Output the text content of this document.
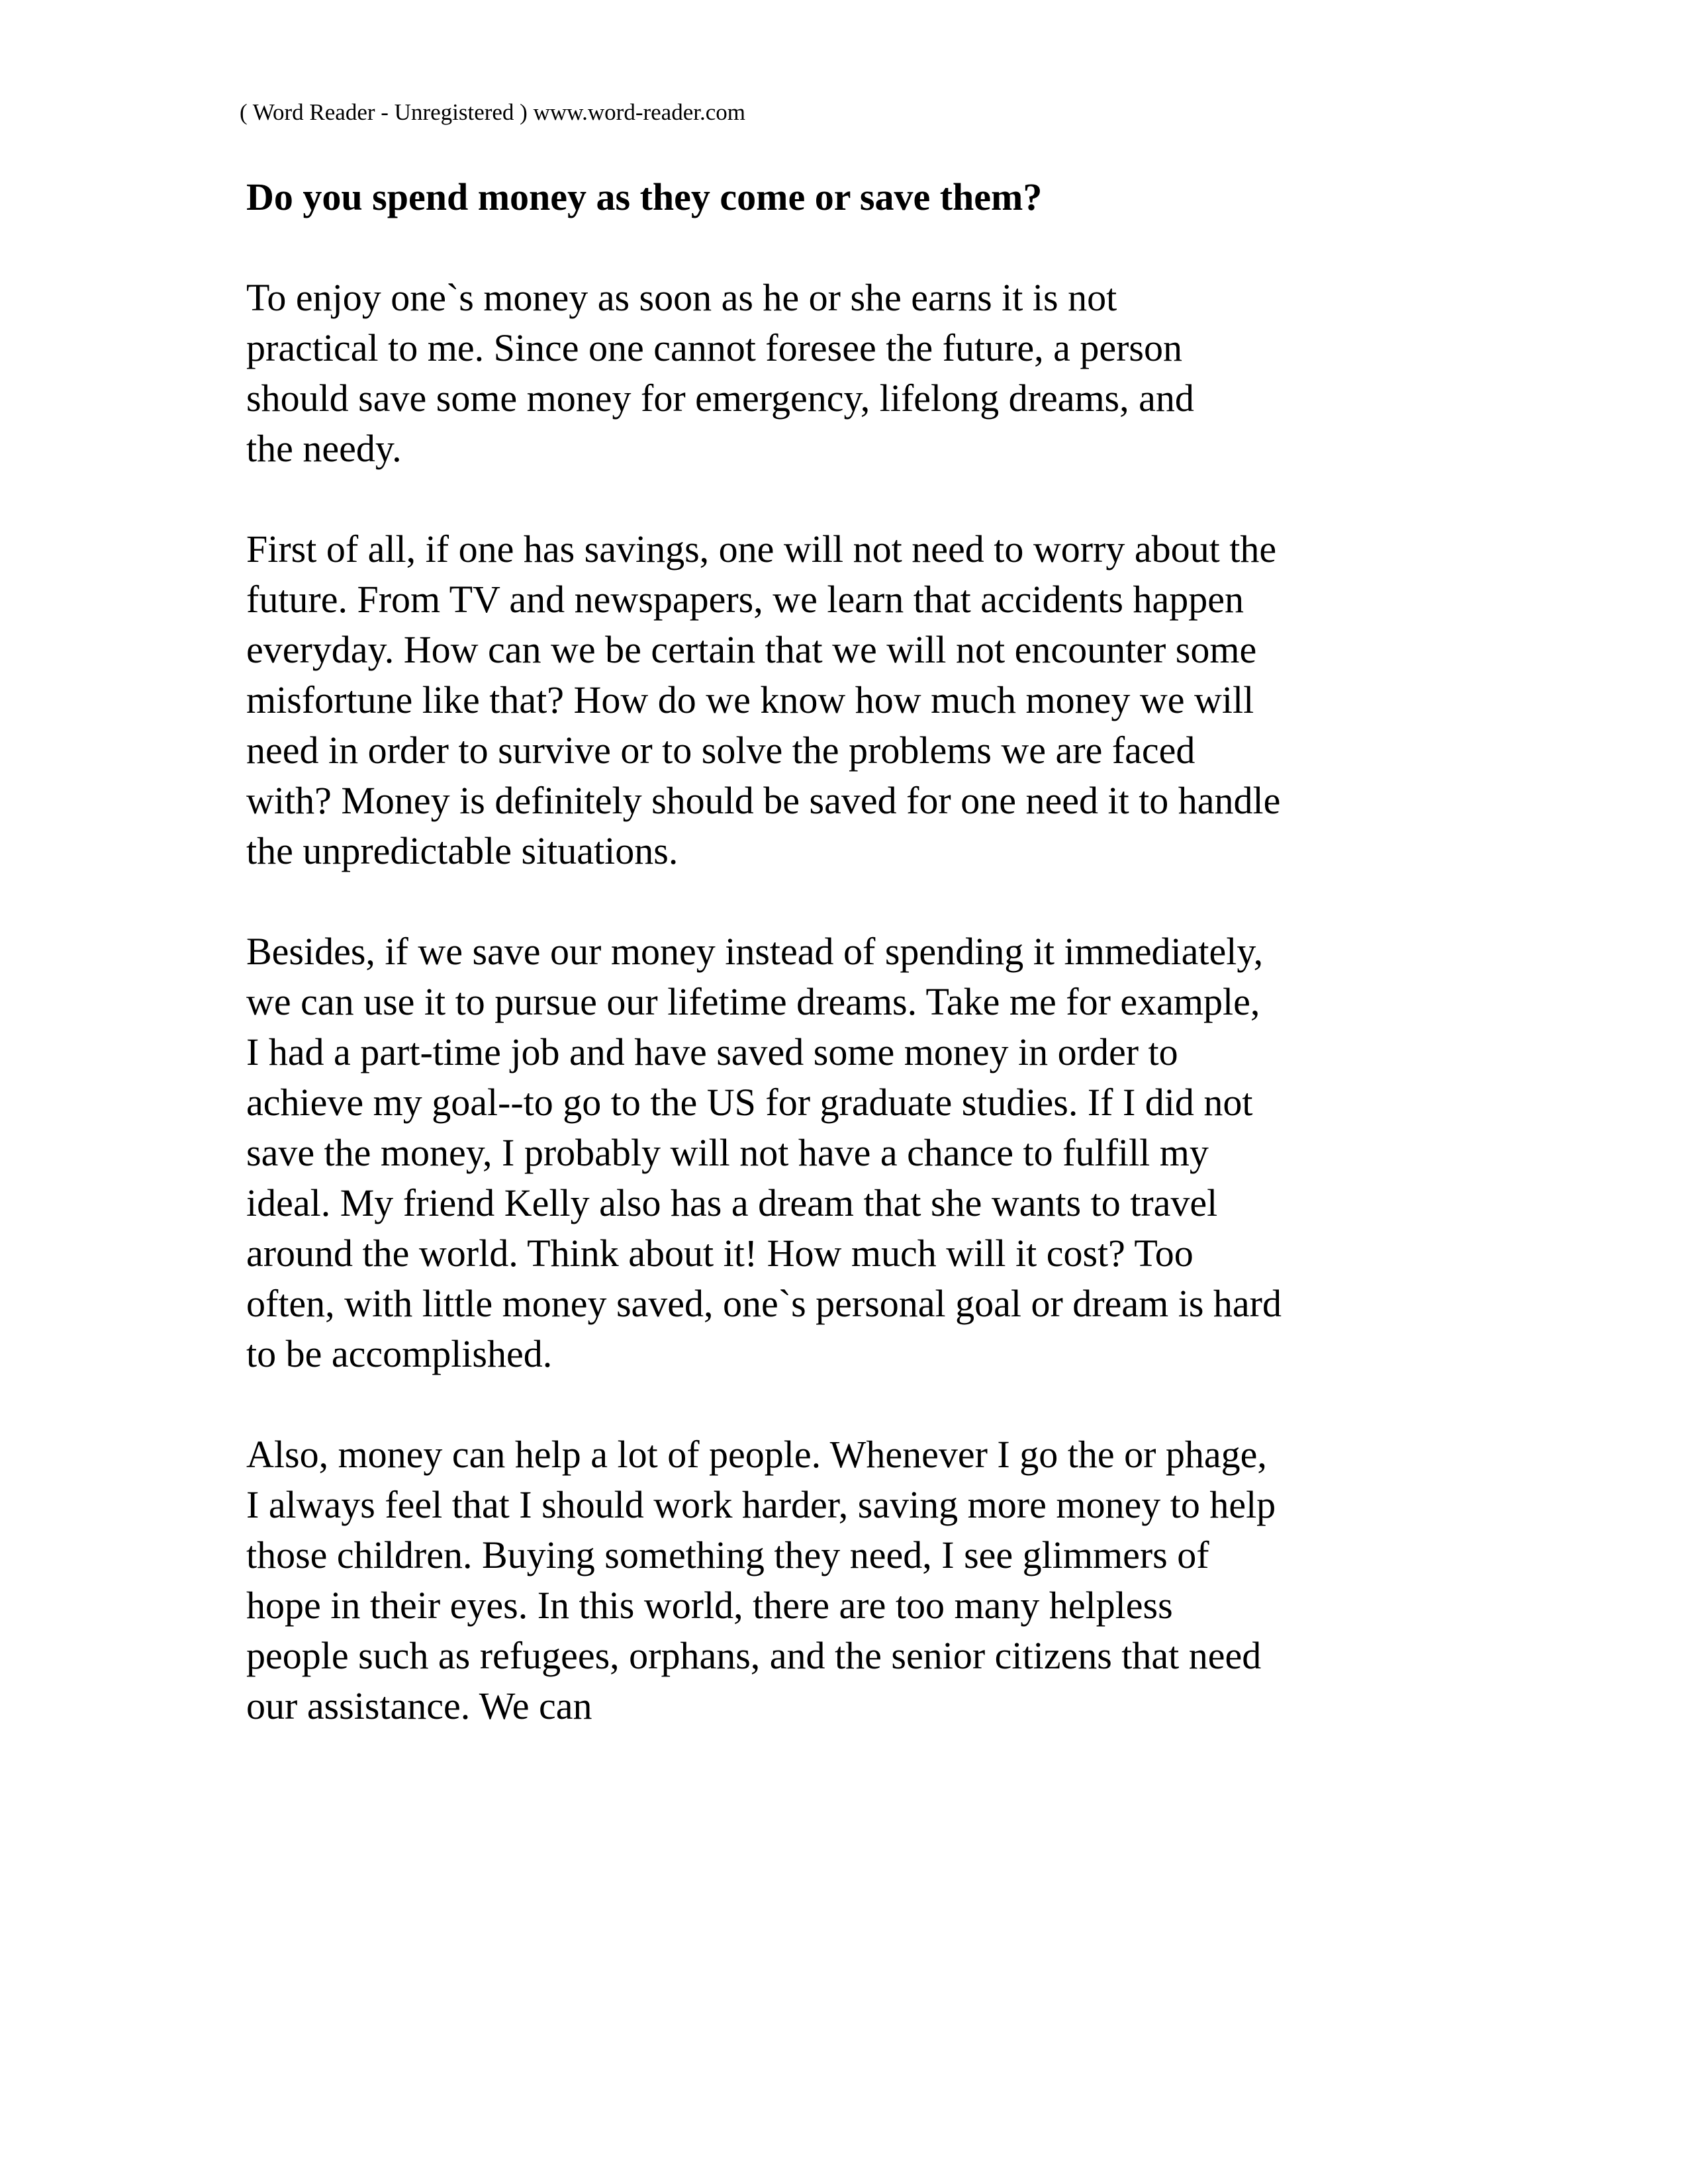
( Word Reader - Unregistered ) www.word-reader.com
Do you spend money as they come or save them?

To enjoy one`s money as soon as he or she earns it is not
practical to me. Since one cannot foresee the future, a person
should save some money for emergency, lifelong dreams, and
the needy.

First of all, if one has savings, one will not need to worry about the
future. From TV and newspapers, we learn that accidents happen
everyday. How can we be certain that we will not encounter some
misfortune like that? How do we know how much money we will
need in order to survive or to solve the problems we are faced
with? Money is definitely should be saved for one need it to handle
the unpredictable situations.

Besides, if we save our money instead of spending it immediately,
we can use it to pursue our lifetime dreams. Take me for example,
I had a part-time job and have saved some money in order to
achieve my goal--to go to the US for graduate studies. If I did not
save the money, I probably will not have a chance to fulfill my
ideal. My friend Kelly also has a dream that she wants to travel
around the world. Think about it! How much will it cost? Too
often, with little money saved, one`s personal goal or dream is hard
to be accomplished.

Also, money can help a lot of people. Whenever I go the or phage,
I always feel that I should work harder, saving more money to help
those children. Buying something they need, I see glimmers of
hope in their eyes. In this world, there are too many helpless
people such as refugees, orphans, and the senior citizens that need
our assistance. We can
